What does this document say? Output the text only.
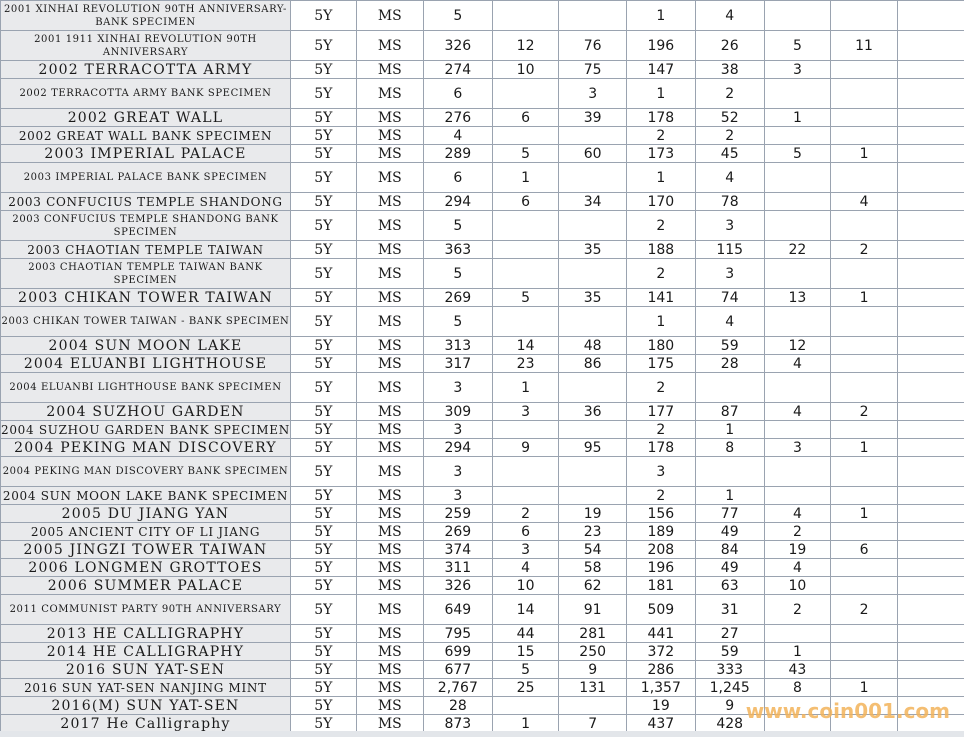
2001 XINHAI REVOLUTION 90TH ANNIVERSARY-BANK SPECIMEN	5Y	MS	5			1	4			
2001 1911 XINHAI REVOLUTION 90TH ANNIVERSARY	5Y	MS	326	12	76	196	26	5	11	
2002 TERRACOTTA ARMY	5Y	MS	274	10	75	147	38	3		
2002 TERRACOTTA ARMY BANK SPECIMEN	5Y	MS	6		3	1	2			
2002 GREAT WALL	5Y	MS	276	6	39	178	52	1		
2002 GREAT WALL BANK SPECIMEN	5Y	MS	4			2	2			
2003 IMPERIAL PALACE	5Y	MS	289	5	60	173	45	5	1	
2003 IMPERIAL PALACE BANK SPECIMEN	5Y	MS	6	1		1	4			
2003 CONFUCIUS TEMPLE SHANDONG	5Y	MS	294	6	34	170	78		4	
2003 CONFUCIUS TEMPLE SHANDONG BANK SPECIMEN	5Y	MS	5			2	3			
2003 CHAOTIAN TEMPLE TAIWAN	5Y	MS	363		35	188	115	22	2	
2003 CHAOTIAN TEMPLE TAIWAN BANK SPECIMEN	5Y	MS	5			2	3			
2003 CHIKAN TOWER TAIWAN	5Y	MS	269	5	35	141	74	13	1	
2003 CHIKAN TOWER TAIWAN - BANK SPECIMEN	5Y	MS	5			1	4			
2004 SUN MOON LAKE	5Y	MS	313	14	48	180	59	12		
2004 ELUANBI LIGHTHOUSE	5Y	MS	317	23	86	175	28	4		
2004 ELUANBI LIGHTHOUSE BANK SPECIMEN	5Y	MS	3	1		2				
2004 SUZHOU GARDEN	5Y	MS	309	3	36	177	87	4	2	
2004 SUZHOU GARDEN BANK SPECIMEN	5Y	MS	3			2	1			
2004 PEKING MAN DISCOVERY	5Y	MS	294	9	95	178	8	3	1	
2004 PEKING MAN DISCOVERY BANK SPECIMEN	5Y	MS	3			3				
2004 SUN MOON LAKE BANK SPECIMEN	5Y	MS	3			2	1			
2005 DU JIANG YAN	5Y	MS	259	2	19	156	77	4	1	
2005 ANCIENT CITY OF LI JIANG	5Y	MS	269	6	23	189	49	2		
2005 JINGZI TOWER TAIWAN	5Y	MS	374	3	54	208	84	19	6	
2006 LONGMEN GROTTOES	5Y	MS	311	4	58	196	49	4		
2006 SUMMER PALACE	5Y	MS	326	10	62	181	63	10		
2011 COMMUNIST PARTY 90TH ANNIVERSARY	5Y	MS	649	14	91	509	31	2	2	
2013 HE CALLIGRAPHY	5Y	MS	795	44	281	441	27			
2014 HE CALLIGRAPHY	5Y	MS	699	15	250	372	59	1		
2016 SUN YAT-SEN	5Y	MS	677	5	9	286	333	43		
2016 SUN YAT-SEN NANJING MINT	5Y	MS	2,767	25	131	1,357	1,245	8	1	
2016(M) SUN YAT-SEN	5Y	MS	28			19	9			
2017 He Calligraphy	5Y	MS	873	1	7	437	428			
www.coin001.com
